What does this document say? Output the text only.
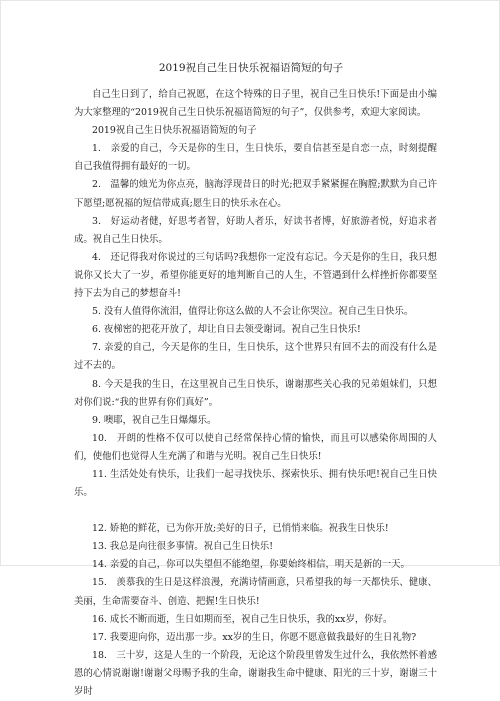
2019祝自己生日快乐祝福语简短的句子

自己生日到了，给自己祝愿，在这个特殊的日子里，祝自己生日快乐!下面是由小编为大家整理的“2019祝自己生日快乐祝福语简短的句子”，仅供参考，欢迎大家阅读。

2019祝自己生日快乐祝福语简短的句子

1.　亲爱的自己，今天是你的生日，生日快乐，要自信甚至是自恋一点，时刻提醒自己我值得拥有最好的一切。

2.　温馨的烛光为你点亮，脑海浮现昔日的时光;把双手紧紧握在胸膛;默默为自己许下愿望;愿祝福的短信带成真;愿生日的快乐永在心。

3.　好运动者健，好思考者智，好助人者乐，好读书者博，好旅游者悦，好追求者成。祝自己生日快乐。

4.　还记得我对你说过的三句话吗?我想你一定没有忘记。今天是你的生日，我只想说你又长大了一岁，希望你能更好的地判断自己的人生，不管遇到什么样挫折你都要坚持下去为自己的梦想奋斗!

5. 没有人值得你流泪，值得让你这么做的人不会让你哭泣。祝自己生日快乐。

6. 夜梯密的把花开放了，却让自日去领受谢词。祝自己生日快乐!

7. 亲爱的自己，今天是你的生日，生日快乐，这个世界只有回不去的而没有什么是过不去的。

8. 今天是我的生日，在这里祝自己生日快乐，谢谢那些关心我的兄弟姐妹们，只想对你们说:“我的世界有你们真好”。

9. 噢耶，祝自己生日爆爆乐。

10.　开朗的性格不仅可以使自己经常保持心情的愉快，而且可以感染你周围的人们，使他们也觉得人生充满了和谐与光明。祝自己生日快乐!

11. 生活处处有快乐，让我们一起寻找快乐、探索快乐、拥有快乐吧!祝自己生日快乐。

12. 娇艳的鲜花，已为你开放;美好的日子，已悄悄来临。祝我生日快乐!

13. 我总是向往很多事情。祝自己生日快乐!

14. 亲爱的自己，你可以失望但不能绝望，你要始终相信，明天是新的一天。

15.　羡慕我的生日是这样浪漫，充满诗情画意，只希望我的每一天都快乐、健康、美丽，生命需要奋斗、创造、把握!生日快乐!

16. 成长不断而逝，生日如期而至，祝自己生日快乐，我的xx岁，你好。

17. 我要迎向你，迈出那一步。xx岁的生日，你愿不愿意做我最好的生日礼物?

18.　三十岁，这是人生的一个阶段，无论这个阶段里曾发生过什么，我依然怀着感恩的心情说谢谢!谢谢父母赐予我的生命，谢谢我生命中健康、阳光的三十岁，谢谢三十岁时
